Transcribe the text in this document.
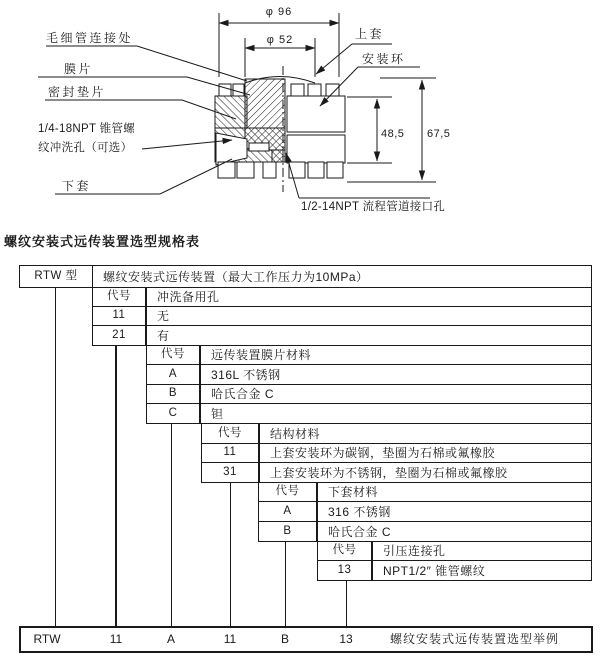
φ 96
φ 52
48,5 67,5
毛细管连接处
膜片
密封垫片
1/4-18NPT 锥管螺
纹冲洗孔（可选）
下套
上套
安装环
1/2-14NPT 流程管道接口孔
螺纹安装式远传装置选型规格表
RTW 型	螺纹安装式远传装置（最大工作压力为10MPa）
代号	冲洗备用孔
11	无
21	有
代号	远传装置膜片材料
A	316L 不锈钢
B	哈氏合金 C
C	钽
代号	结构材料
11	上套安装环为碳钢，垫圈为石棉或氟橡胶
31	上套安装环为不锈钢，垫圈为石棉或氟橡胶
代号	下套材料
A	316 不锈钢
B	哈氏合金 C
代号	引压连接孔
13	NPT1/2″ 锥管螺纹
RTW	11	A	11	B	13	螺纹安装式远传装置选型举例
